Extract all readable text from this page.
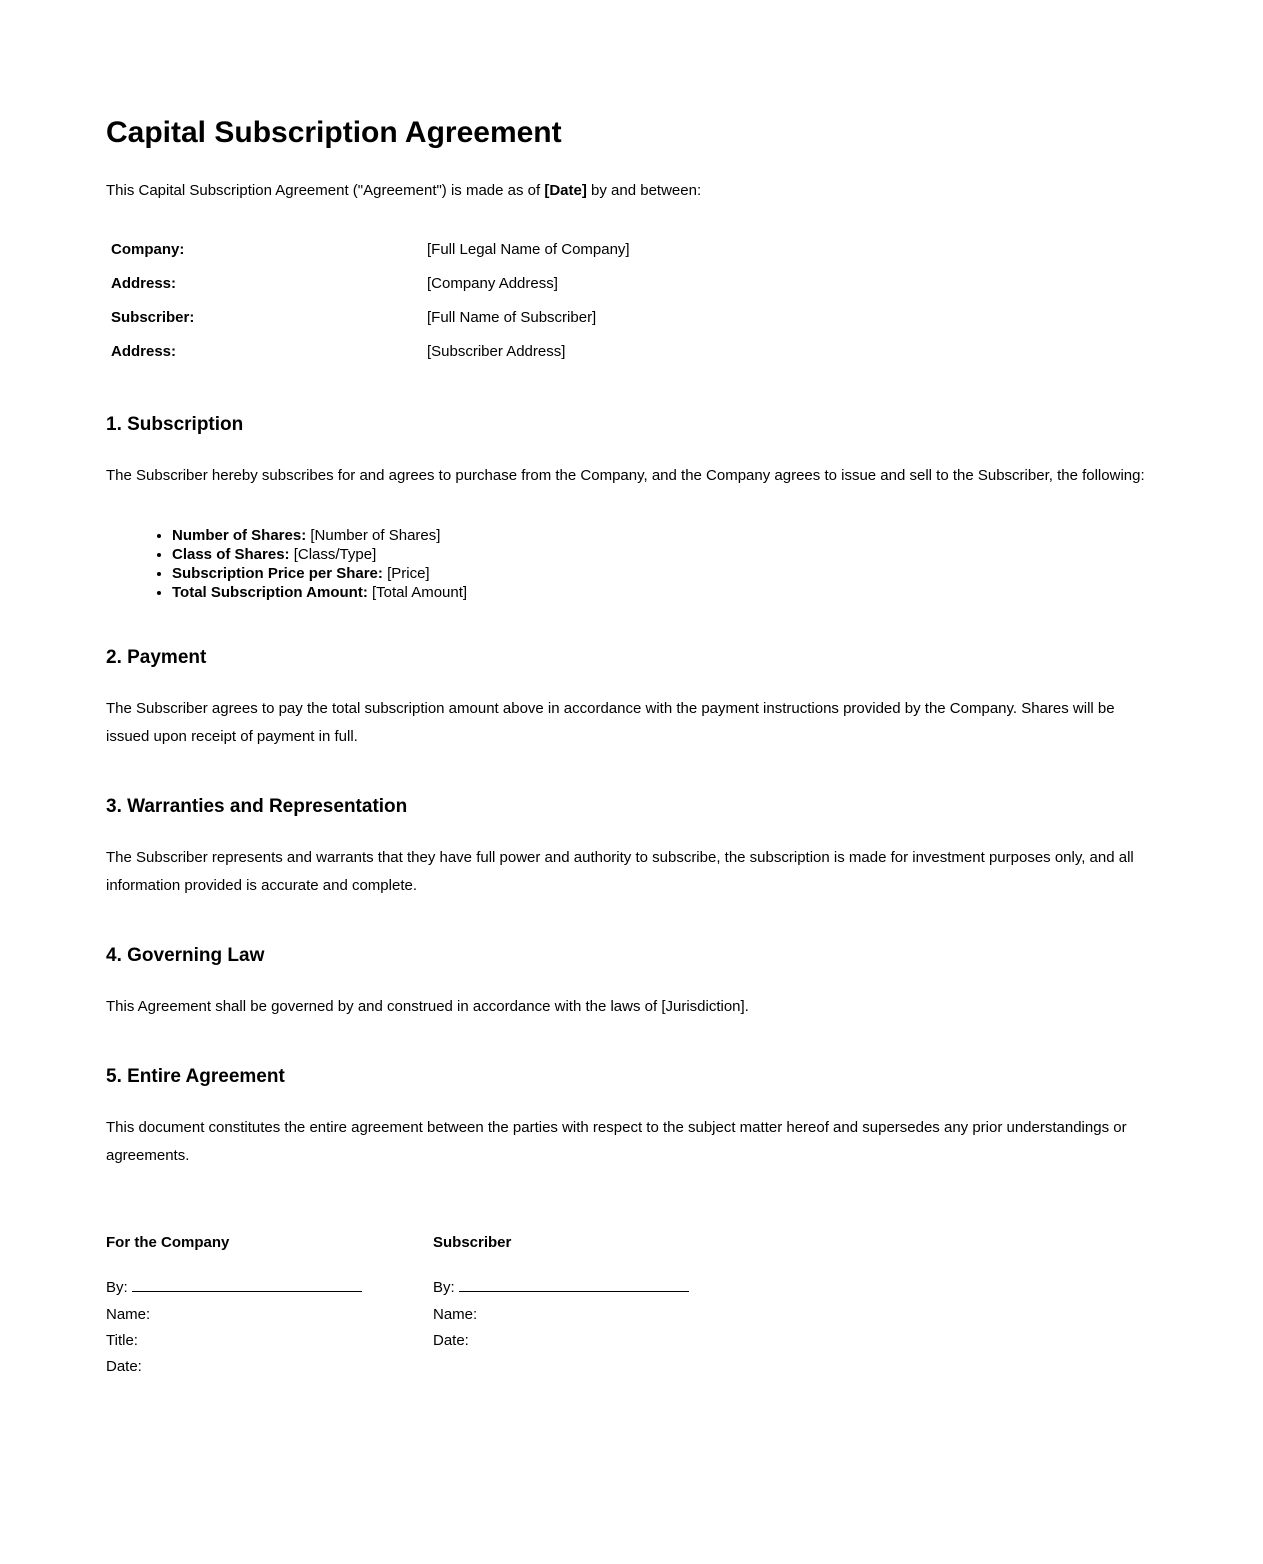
Capital Subscription Agreement

This Capital Subscription Agreement ("Agreement") is made as of [Date] by and between:

Company:	[Full Legal Name of Company]
Address:	[Company Address]
Subscriber:	[Full Name of Subscriber]
Address:	[Subscriber Address]
1. Subscription

The Subscriber hereby subscribes for and agrees to purchase from the Company, and the Company agrees to issue and sell to the Subscriber, the following:

• Number of Shares: [Number of Shares]
• Class of Shares: [Class/Type]
• Subscription Price per Share: [Price]
• Total Subscription Amount: [Total Amount]
2. Payment

The Subscriber agrees to pay the total subscription amount above in accordance with the payment instructions provided by the Company. Shares will be issued upon receipt of payment in full.

3. Warranties and Representation

The Subscriber represents and warrants that they have full power and authority to subscribe, the subscription is made for investment purposes only, and all information provided is accurate and complete.

4. Governing Law

This Agreement shall be governed by and construed in accordance with the laws of [Jurisdiction].

5. Entire Agreement

This document constitutes the entire agreement between the parties with respect to the subject matter hereof and supersedes any prior understandings or agreements.

For the Company
By:
Name:
Title:
Date:
Subscriber
By:
Name:
Date:
